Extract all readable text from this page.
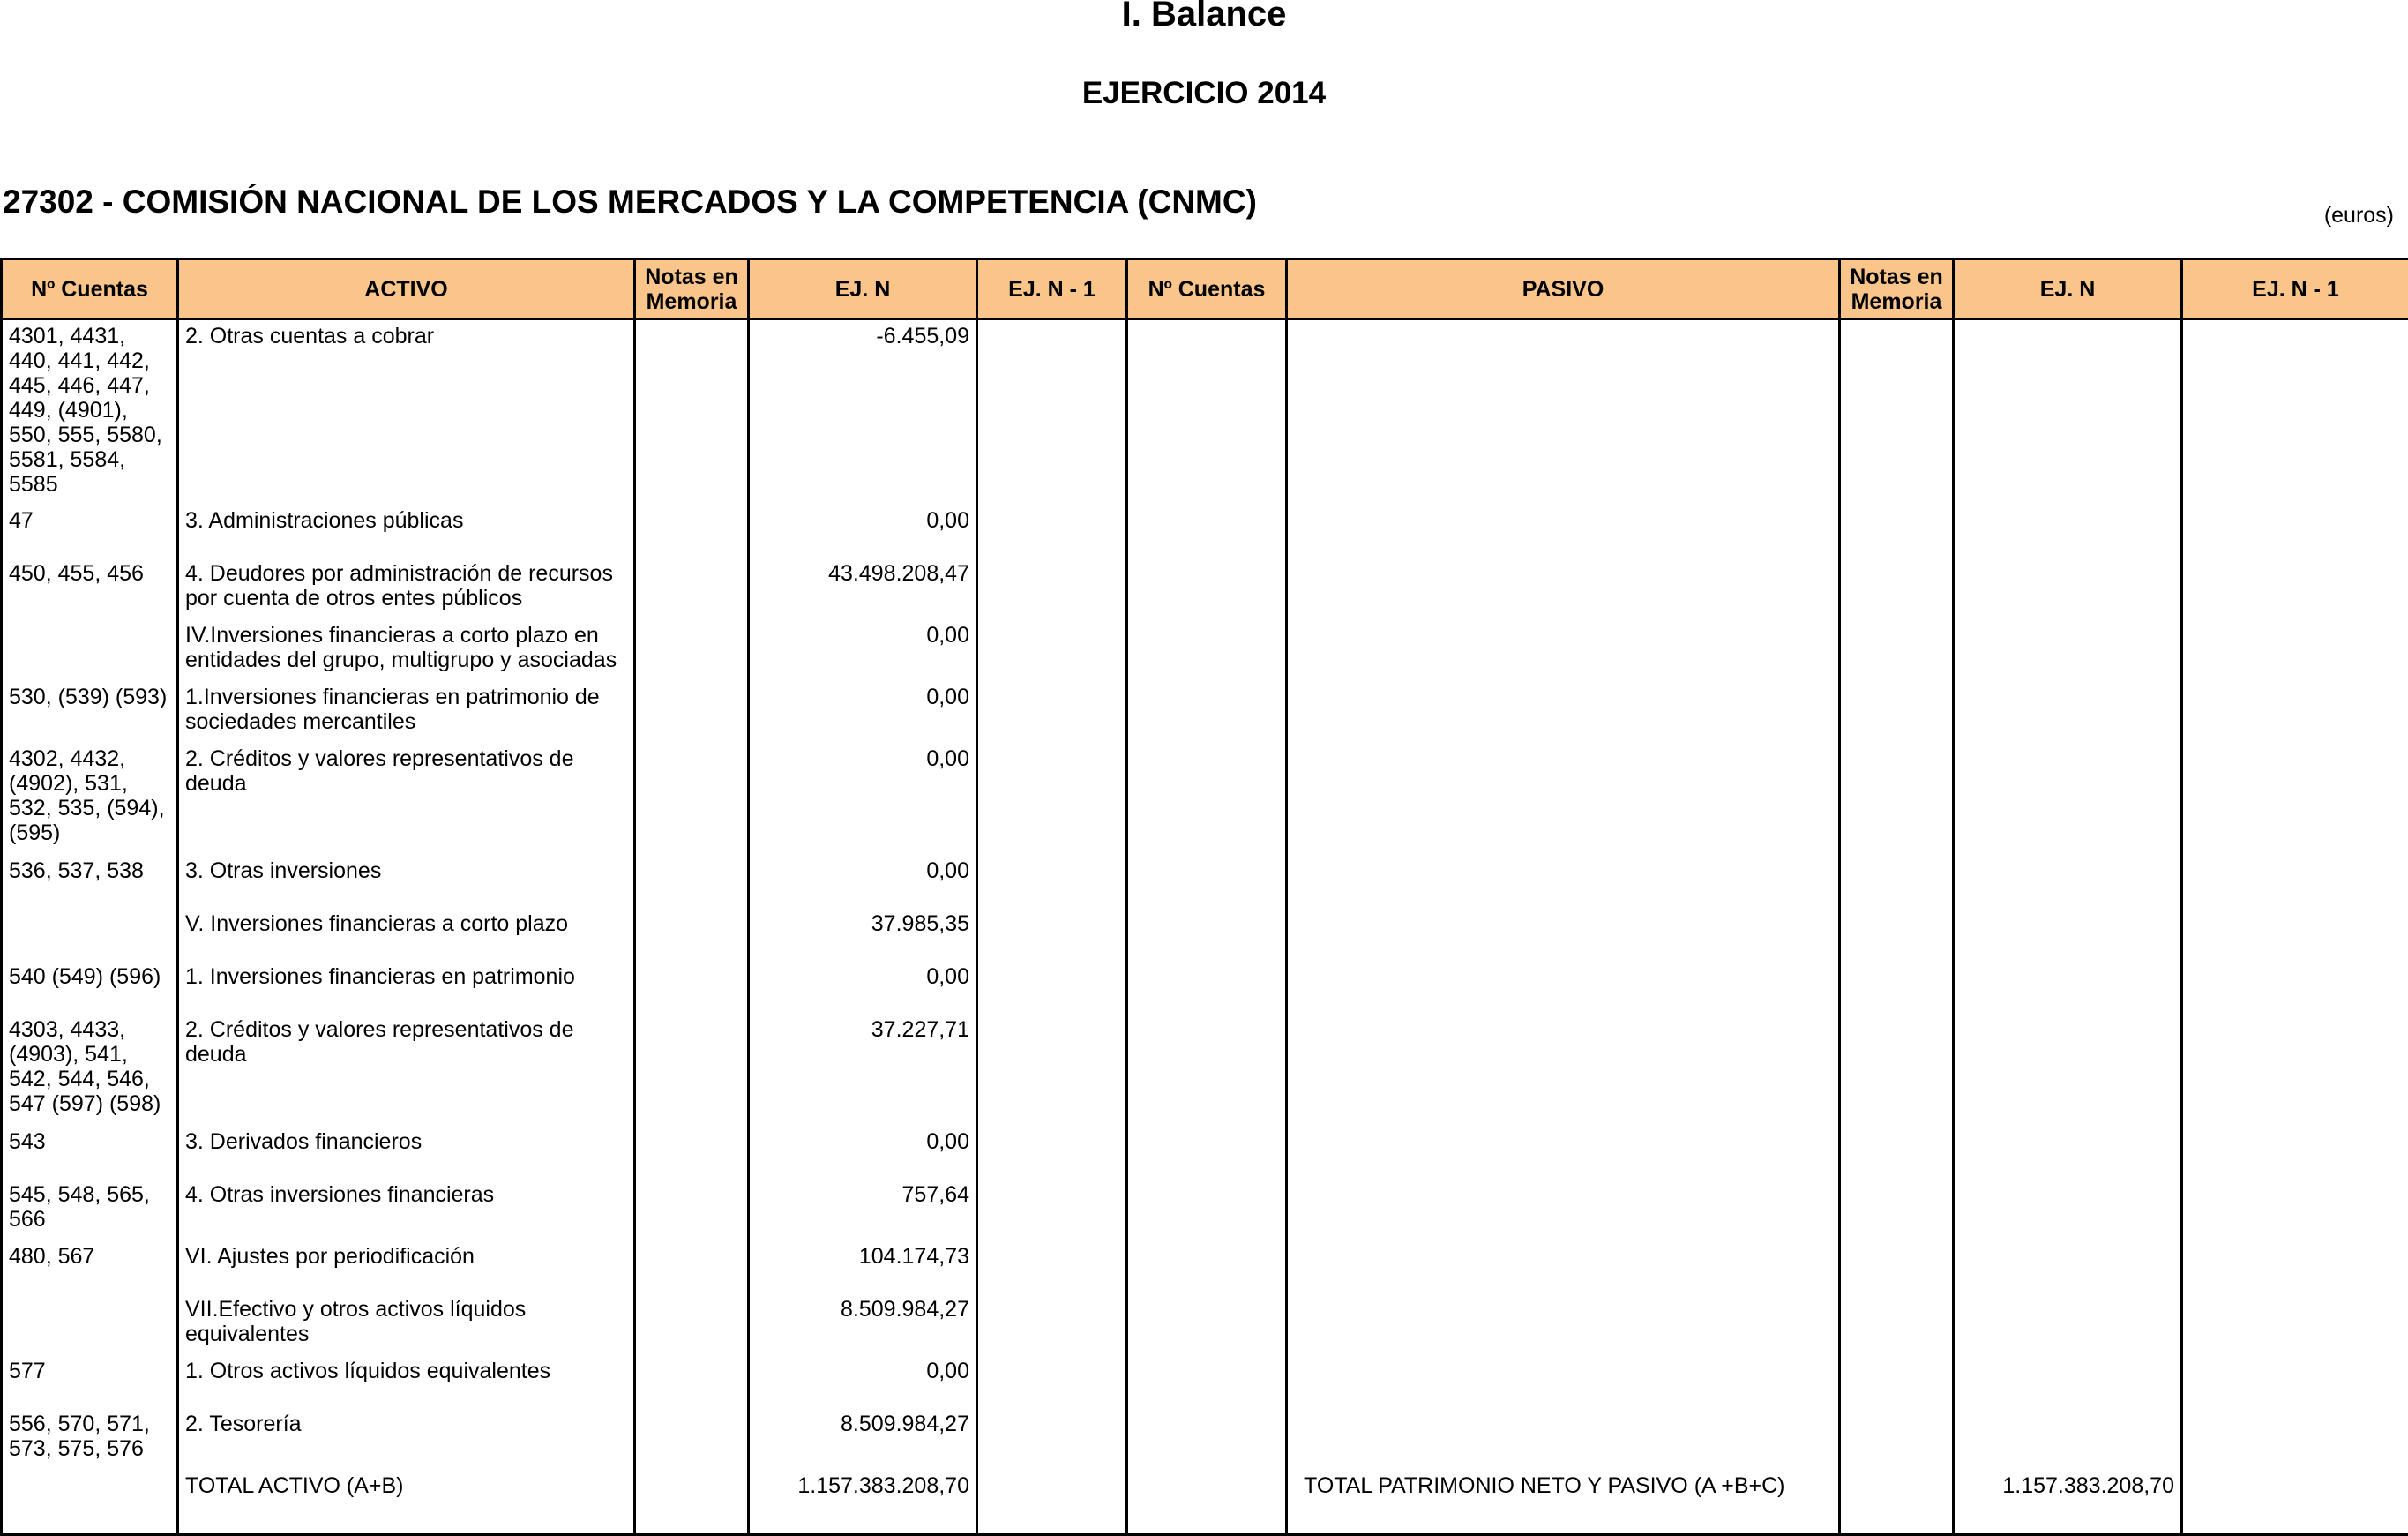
I. Balance
EJERCICIO 2014
27302 - COMISIÓN NACIONAL DE LOS MERCADOS Y LA COMPETENCIA (CNMC)	(euros)
Nº Cuentas	ACTIVO	Notas en Memoria	EJ. N	EJ. N - 1	Nº Cuentas	PASIVO	Notas en Memoria	EJ. N	EJ. N - 1
4301, 4431, 440, 441, 442, 445, 446, 447, 449, (4901), 550, 555, 5580, 5581, 5584, 5585	2. Otras cuentas a cobrar		-6.455,09						
47	3. Administraciones públicas		0,00						
450, 455, 456	4. Deudores por administración de recursos por cuenta de otros entes públicos		43.498.208,47						
	IV.Inversiones financieras a corto plazo en entidades del grupo, multigrupo y asociadas		0,00						
530, (539) (593)	1.Inversiones financieras en patrimonio de sociedades mercantiles		0,00						
4302, 4432, (4902), 531, 532, 535, (594), (595)	2. Créditos y valores representativos de deuda		0,00						
536, 537, 538	3. Otras inversiones		0,00						
	V. Inversiones financieras a corto plazo		37.985,35						
540 (549) (596)	1. Inversiones financieras en patrimonio		0,00						
4303, 4433, (4903), 541, 542, 544, 546, 547 (597) (598)	2. Créditos y valores representativos de deuda		37.227,71						
543	3. Derivados financieros		0,00						
545, 548, 565, 566	4. Otras inversiones financieras		757,64						
480, 567	VI. Ajustes por periodificación		104.174,73						
	VII.Efectivo y otros activos líquidos equivalentes		8.509.984,27						
577	1. Otros activos líquidos equivalentes		0,00						
556, 570, 571, 573, 575, 576	2. Tesorería		8.509.984,27						
	TOTAL ACTIVO (A+B)		1.157.383.208,70			TOTAL PATRIMONIO NETO Y PASIVO (A +B+C)		1.157.383.208,70	
